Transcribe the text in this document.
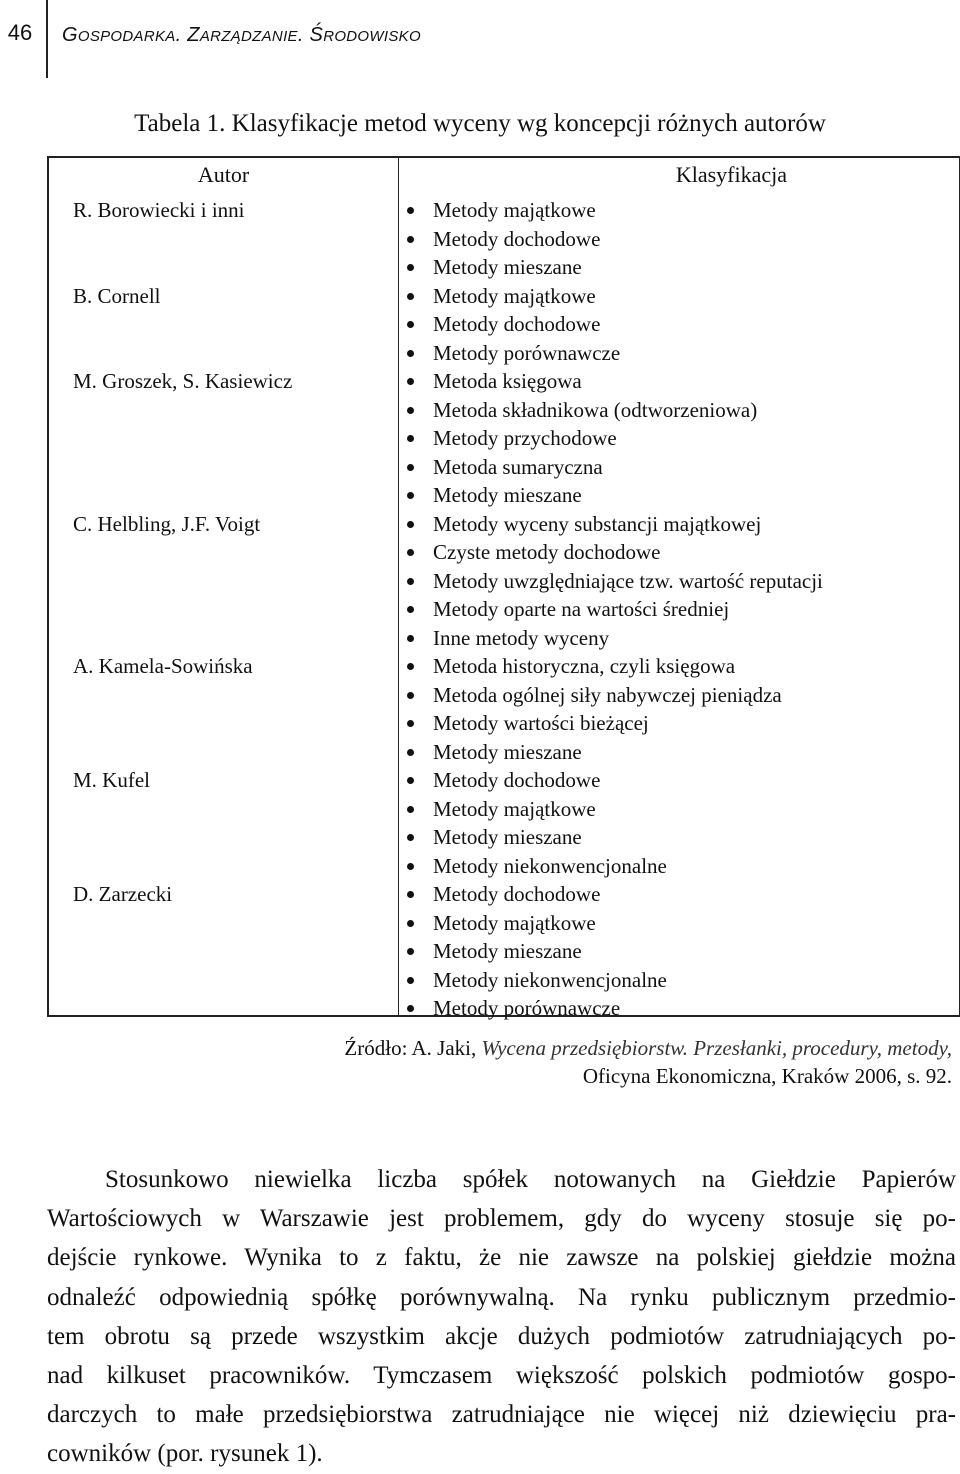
46	GOSPODARKA. ZARZĄDZANIE. ŚRODOWISKO
Tabela 1. Klasyfikacje metod wyceny wg koncepcji różnych autorów
Autor	Klasyfikacja
R. Borowiecki i inni	Metody majątkowe
Metody dochodowe
Metody mieszane
B. Cornell	Metody majątkowe
Metody dochodowe
Metody porównawcze
M. Groszek, S. Kasiewicz	Metoda księgowa
Metoda składnikowa (odtworzeniowa)
Metody przychodowe
Metoda sumaryczna
Metody mieszane
C. Helbling, J.F. Voigt	Metody wyceny substancji majątkowej
Czyste metody dochodowe
Metody uwzględniające tzw. wartość reputacji
Metody oparte na wartości średniej
Inne metody wyceny
A. Kamela-Sowińska	Metoda historyczna, czyli księgowa
Metoda ogólnej siły nabywczej pieniądza
Metody wartości bieżącej
Metody mieszane
M. Kufel	Metody dochodowe
Metody majątkowe
Metody mieszane
Metody niekonwencjonalne
D. Zarzecki	Metody dochodowe
Metody majątkowe
Metody mieszane
Metody niekonwencjonalne
Metody porównawcze
Źródło: A. Jaki, Wycena przedsiębiorstw. Przesłanki, procedury, metody,
Oficyna Ekonomiczna, Kraków 2006, s. 92.
Stosunkowo niewielka liczba spółek notowanych na Giełdzie Papierów
Wartościowych w Warszawie jest problemem, gdy do wyceny stosuje się po-
dejście rynkowe. Wynika to z faktu, że nie zawsze na polskiej giełdzie można
odnaleźć odpowiednią spółkę porównywalną. Na rynku publicznym przedmio-
tem obrotu są przede wszystkim akcje dużych podmiotów zatrudniających po-
nad kilkuset pracowników. Tymczasem większość polskich podmiotów gospo-
darczych to małe przedsiębiorstwa zatrudniające nie więcej niż dziewięciu pra-
cowników (por. rysunek 1).
